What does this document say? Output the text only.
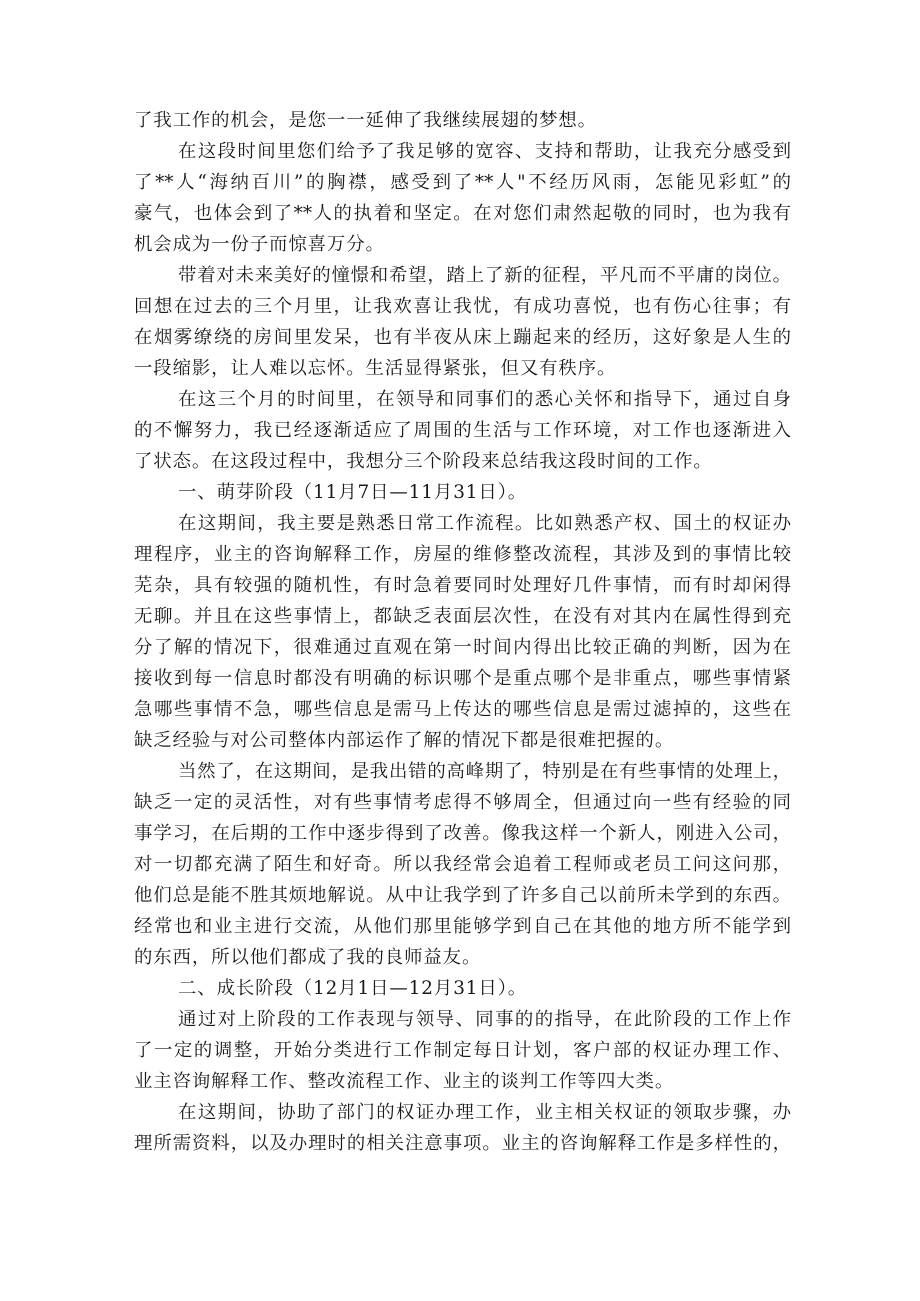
了我工作的机会，是您一一延伸了我继续展翅的梦想。
在这段时间里您们给予了我足够的宽容、支持和帮助，让我充分感受到
了**人“海纳百川”的胸襟，感受到了**人"不经历风雨，怎能见彩虹”的
豪气，也体会到了**人的执着和坚定。在对您们肃然起敬的同时，也为我有
机会成为一份子而惊喜万分。
带着对未来美好的憧憬和希望，踏上了新的征程，平凡而不平庸的岗位。
回想在过去的三个月里，让我欢喜让我忧，有成功喜悦，也有伤心往事；有
在烟雾缭绕的房间里发呆，也有半夜从床上蹦起来的经历，这好象是人生的
一段缩影，让人难以忘怀。生活显得紧张，但又有秩序。
在这三个月的时间里，在领导和同事们的悉心关怀和指导下，通过自身
的不懈努力，我已经逐渐适应了周围的生活与工作环境，对工作也逐渐进入
了状态。在这段过程中，我想分三个阶段来总结我这段时间的工作。
一、萌芽阶段（11月7日—11月31日）。
在这期间，我主要是熟悉日常工作流程。比如熟悉产权、国土的权证办
理程序，业主的咨询解释工作，房屋的维修整改流程，其涉及到的事情比较
芜杂，具有较强的随机性，有时急着要同时处理好几件事情，而有时却闲得
无聊。并且在这些事情上，都缺乏表面层次性，在没有对其内在属性得到充
分了解的情况下，很难通过直观在第一时间内得出比较正确的判断，因为在
接收到每一信息时都没有明确的标识哪个是重点哪个是非重点，哪些事情紧
急哪些事情不急，哪些信息是需马上传达的哪些信息是需过滤掉的，这些在
缺乏经验与对公司整体内部运作了解的情况下都是很难把握的。
当然了，在这期间，是我出错的高峰期了，特别是在有些事情的处理上，
缺乏一定的灵活性，对有些事情考虑得不够周全，但通过向一些有经验的同
事学习，在后期的工作中逐步得到了改善。像我这样一个新人，刚进入公司，
对一切都充满了陌生和好奇。所以我经常会追着工程师或老员工问这问那，
他们总是能不胜其烦地解说。从中让我学到了许多自己以前所未学到的东西。
经常也和业主进行交流，从他们那里能够学到自己在其他的地方所不能学到
的东西，所以他们都成了我的良师益友。
二、成长阶段（12月1日—12月31日）。
通过对上阶段的工作表现与领导、同事的的指导，在此阶段的工作上作
了一定的调整，开始分类进行工作制定每日计划，客户部的权证办理工作、
业主咨询解释工作、整改流程工作、业主的谈判工作等四大类。
在这期间，协助了部门的权证办理工作，业主相关权证的领取步骤，办
理所需资料，以及办理时的相关注意事项。业主的咨询解释工作是多样性的，
